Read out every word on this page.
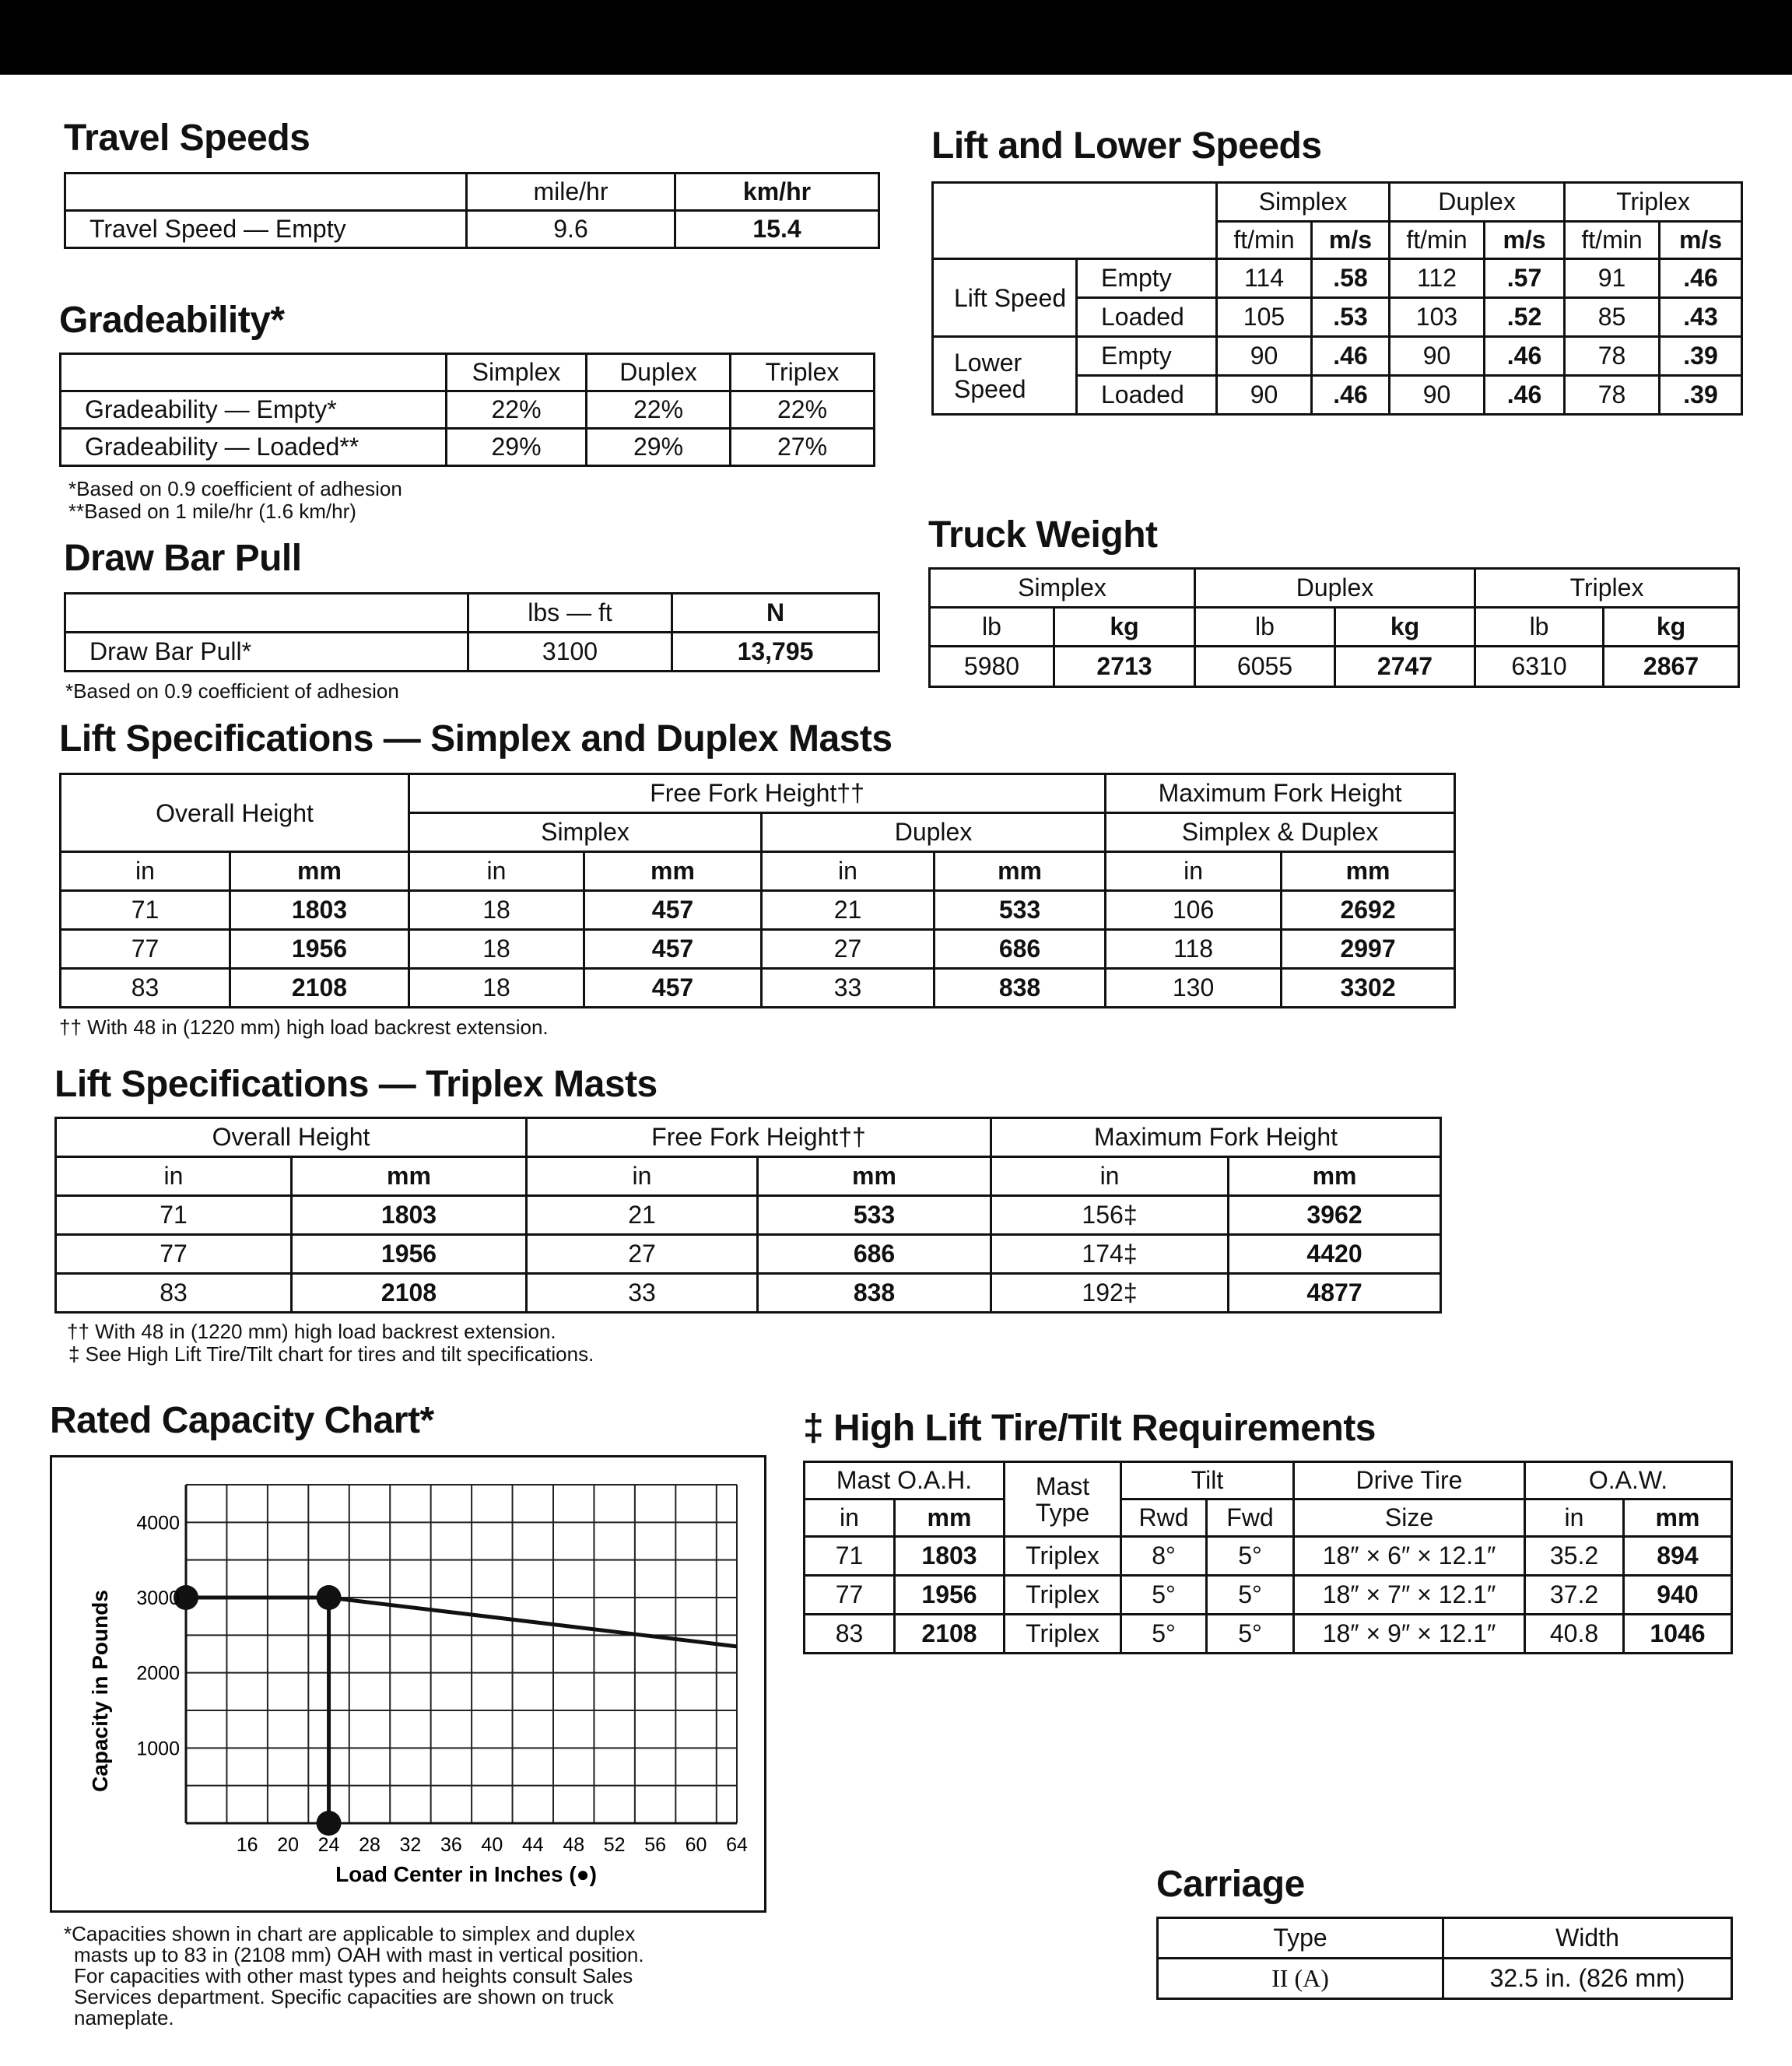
Travel Speeds
	mile/hr	km/hr
Travel Speed — Empty	9.6	15.4
Gradeability*
	Simplex	Duplex	Triplex
Gradeability — Empty*	22%	22%	22%
Gradeability — Loaded**	29%	29%	27%

*Based on 0.9 coefficient of adhesion

**Based on 1 mile/hr (1.6 km/hr)

Draw Bar Pull
	lbs — ft	N
Draw Bar Pull*	3100	13,795

*Based on 0.9 coefficient of adhesion

Lift and Lower Speeds
		Simplex		Duplex		Triplex	
		ft/min	m/s	ft/min	m/s	ft/min	m/s
Lift Speed	Empty	114	.58	112	.57	91	.46
	Loaded	105	.53	103	.52	85	.43
Lower Speed	Empty	90	.46	90	.46	78	.39
	Loaded	90	.46	90	.46	78	.39
Truck Weight
Simplex		Duplex		Triplex	
lb	kg	lb	kg	lb	kg
5980	2713	6055	2747	6310	2867
Lift Specifications — Simplex and Duplex Masts
Overall Height		Free Fork Height††				Maximum Fork Height	
		Simplex		Duplex		Simplex & Duplex	
in	mm	in	mm	in	mm	in	mm
71	1803	18	457	21	533	106	2692
77	1956	18	457	27	686	118	2997
83	2108	18	457	33	838	130	3302

†† With 48 in (1220 mm) high load backrest extension.

Lift Specifications — Triplex Masts
Overall Height		Free Fork Height††		Maximum Fork Height	
in	mm	in	mm	in	mm
71	1803	21	533	156‡	3962
77	1956	27	686	174‡	4420
83	2108	33	838	192‡	4877

†† With 48 in (1220 mm) high load backrest extension.

‡ See High Lift Tire/Tilt chart for tires and tilt specifications.

Rated Capacity Chart*
16 20 24 28 32 36 40 44 48 52 56 60 64
1000
2000
3000
4000
Capacity in Pounds
Load Center in Inches (●)

*Capacities shown in chart are applicable to simplex and duplex

masts up to 83 in (2108 mm) OAH with mast in vertical position.

For capacities with other mast types and heights consult Sales

Services department. Specific capacities are shown on truck

nameplate.

‡ High Lift Tire/Tilt Requirements
Mast O.A.H.		Mast Type	Tilt		Drive Tire	O.A.W.	
in	mm		Rwd	Fwd	Size	in	mm
71	1803	Triplex	8°	5°	18″ × 6″ × 12.1″	35.2	894
77	1956	Triplex	5°	5°	18″ × 7″ × 12.1″	37.2	940
83	2108	Triplex	5°	5°	18″ × 9″ × 12.1″	40.8	1046
Carriage
Type	Width
II (A)	32.5 in. (826 mm)
